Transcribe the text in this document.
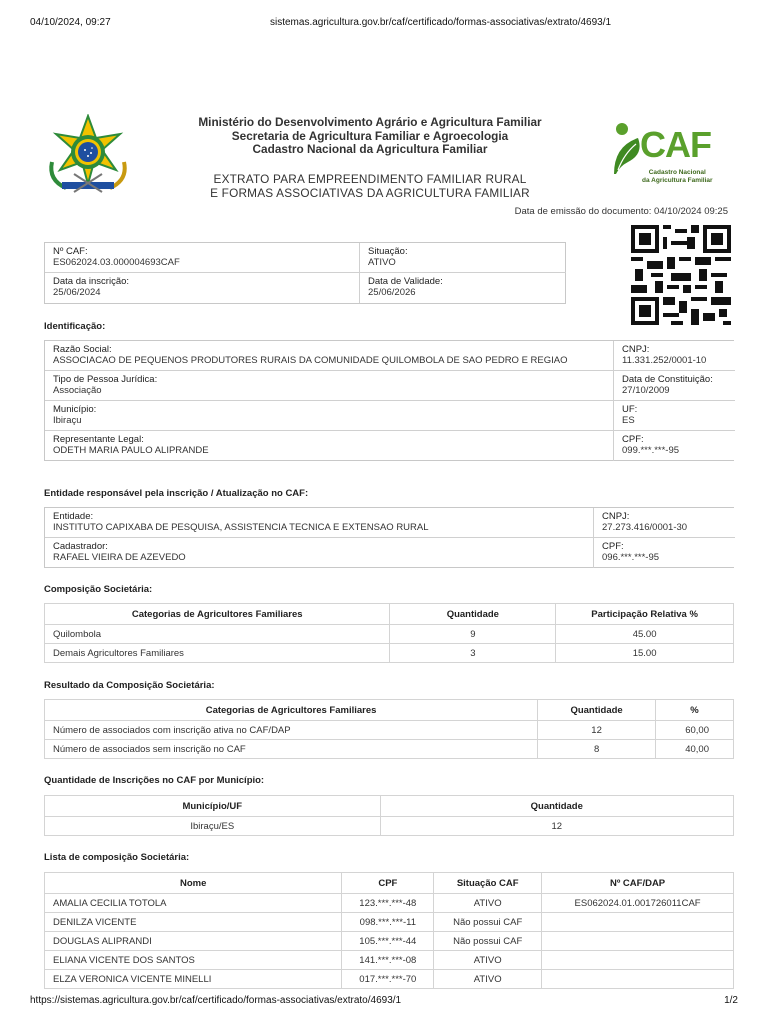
04/10/2024, 09:27	sistemas.agricultura.gov.br/caf/certificado/formas-associativas/extrato/4693/1
Ministério do Desenvolvimento Agrário e Agricultura Familiar
Secretaria de Agricultura Familiar e Agroecologia
Cadastro Nacional da Agricultura Familiar	CAF
Cadastro Nacional
da Agricultura Familiar
EXTRATO PARA EMPREENDIMENTO FAMILIAR RURAL
E FORMAS ASSOCIATIVAS DA AGRICULTURA FAMILIAR
Data de emissão do documento: 04/10/2024 09:25
Nº CAF:
ES062024.03.000004693CAF
Situação:
ATIVO
Data da inscrição:
25/06/2024
Data de Validade:
25/06/2026
Identificação:
Razão Social:
ASSOCIACAO DE PEQUENOS PRODUTORES RURAIS DA COMUNIDADE QUILOMBOLA DE SAO PEDRO E REGIAO
CNPJ:
11.331.252/0001-10
Tipo de Pessoa Jurídica:
Associação
Data de Constituição:
27/10/2009
Município:
Ibiraçu
UF:
ES
Representante Legal:
ODETH MARIA PAULO ALIPRANDE
CPF:
099.***.***-95
Entidade responsável pela inscrição / Atualização no CAF:
Entidade:
INSTITUTO CAPIXABA DE PESQUISA, ASSISTENCIA TECNICA E EXTENSAO RURAL
CNPJ:
27.273.416/0001-30
Cadastrador:
RAFAEL VIEIRA DE AZEVEDO
CPF:
096.***.***-95
Composição Societária:
Categorias de Agricultores Familiares	Quantidade	Participação Relativa %
Quilombola	9	45.00
Demais Agricultores Familiares	3	15.00
Resultado da Composição Societária:
Categorias de Agricultores Familiares	Quantidade	%
Número de associados com inscrição ativa no CAF/DAP	12	60,00
Número de associados sem inscrição no CAF	8	40,00
Quantidade de Inscrições no CAF por Município:
Município/UF	Quantidade
Ibiraçu/ES	12
Lista de composição Societária:
Nome	CPF	Situação CAF	Nº CAF/DAP
AMALIA CECILIA TOTOLA	123.***.***-48	ATIVO	ES062024.01.001726011CAF
DENILZA VICENTE	098.***.***-11	Não possui CAF	
DOUGLAS ALIPRANDI	105.***.***-44	Não possui CAF	
ELIANA VICENTE DOS SANTOS	141.***.***-08	ATIVO	
ELZA VERONICA VICENTE MINELLI	017.***.***-70	ATIVO	
https://sistemas.agricultura.gov.br/caf/certificado/formas-associativas/extrato/4693/1	1/2
